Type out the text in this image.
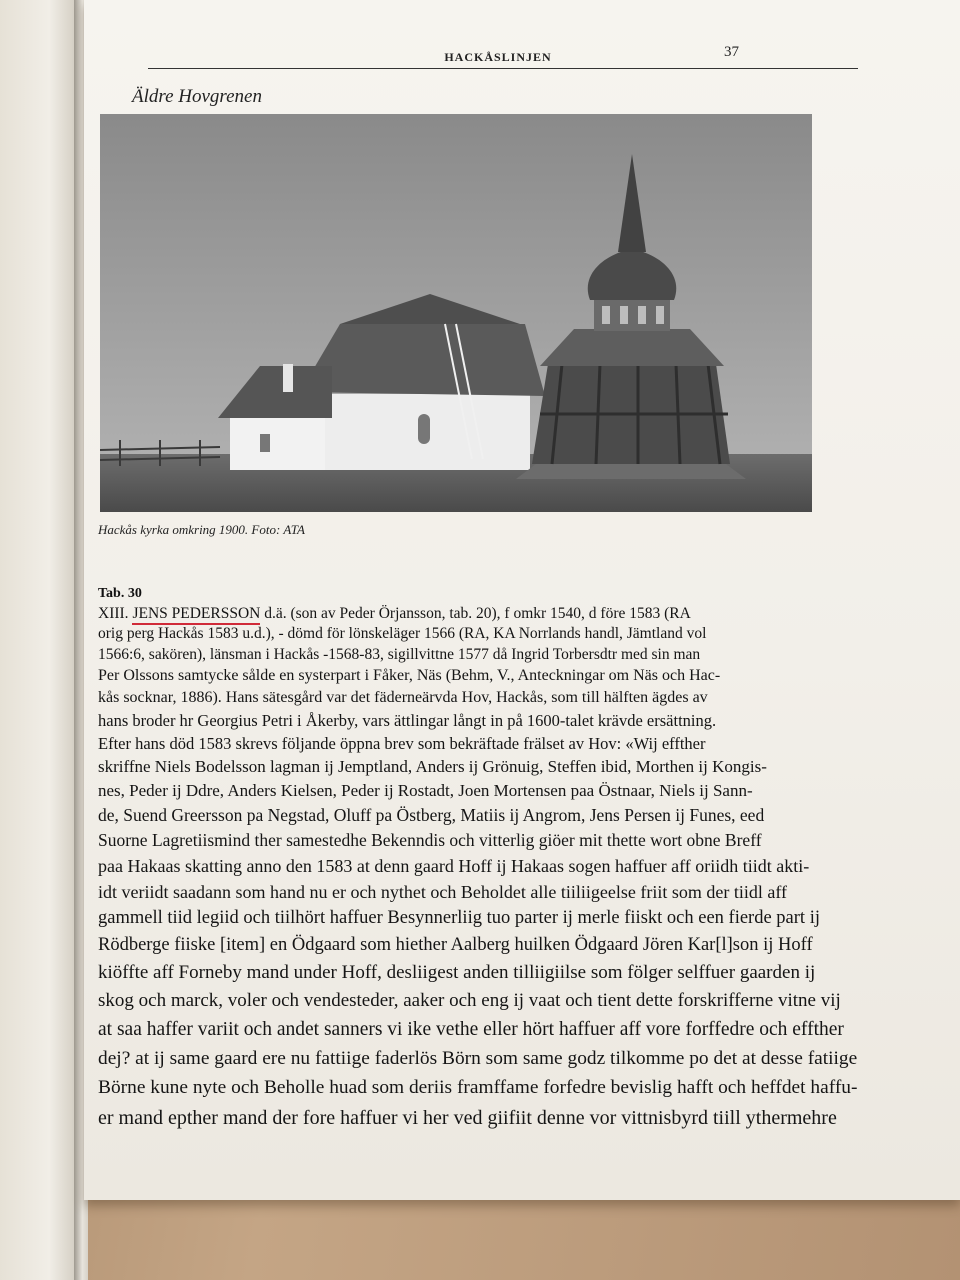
HACKÅSLINJEN	37
Äldre Hovgrenen
Hackås kyrka omkring 1900. Foto: ATA
Tab. 30
XIII. JENS PEDERSSON d.ä. (son av Peder Örjansson, tab. 20), f omkr 1540, d före 1583 (RA
orig perg Hackås 1583 u.d.), - dömd för lönskeläger 1566 (RA, KA Norrlands handl, Jämtland vol
1566:6, sakören), länsman i Hackås -1568-83, sigillvittne 1577 då Ingrid Torbersdtr med sin man
Per Olssons samtycke sålde en systerpart i Fåker, Näs (Behm, V., Anteckningar om Näs och Hac-
kås socknar, 1886). Hans sätesgård var det fäderneärvda Hov, Hackås, som till hälften ägdes av
hans broder hr Georgius Petri i Åkerby, vars ättlingar långt in på 1600-talet krävde ersättning.
Efter hans död 1583 skrevs följande öppna brev som bekräftade frälset av Hov: «Wij effther
skriffne Niels Bodelsson lagman ij Jemptland, Anders ij Grönuig, Steffen ibid, Morthen ij Kongis-
nes, Peder ij Ddre, Anders Kielsen, Peder ij Rostadt, Joen Mortensen paa Östnaar, Niels ij Sann-
de, Suend Greersson pa Negstad, Oluff pa Östberg, Matiis ij Angrom, Jens Persen ij Funes, eed
Suorne Lagretiismind ther samestedhe Bekenndis och vitterlig giöer mit thette wort obne Breff
paa Hakaas skatting anno den 1583 at denn gaard Hoff ij Hakaas sogen haffuer aff oriidh tiidt akti-
idt veriidt saadann som hand nu er och nythet och Beholdet alle tiiliigeelse friit som der tiidl aff
gammell tiid legiid och tiilhört haffuer Besynnerliig tuo parter ij merle fiiskt och een fierde part ij
Rödberge fiiske [item] en Ödgaard som hiether Aalberg huilken Ödgaard Jören Kar[l]son ij Hoff
kiöffte aff Forneby mand under Hoff, desliigest anden tilliigiilse som fölger selffuer gaarden ij
skog och marck, voler och vendesteder, aaker och eng ij vaat och tient dette forskrifferne vitne vij
at saa haffer variit och andet sanners vi ike vethe eller hört haffuer aff vore forffedre och effther
dej? at ij same gaard ere nu fattiige faderlös Börn som same godz tilkomme po det at desse fatiige
Börne kune nyte och Beholle huad som deriis framffame forfedre bevislig hafft och heffdet haffu-
er mand epther mand der fore haffuer vi her ved giifiit denne vor vittnisbyrd tiill ythermehre
